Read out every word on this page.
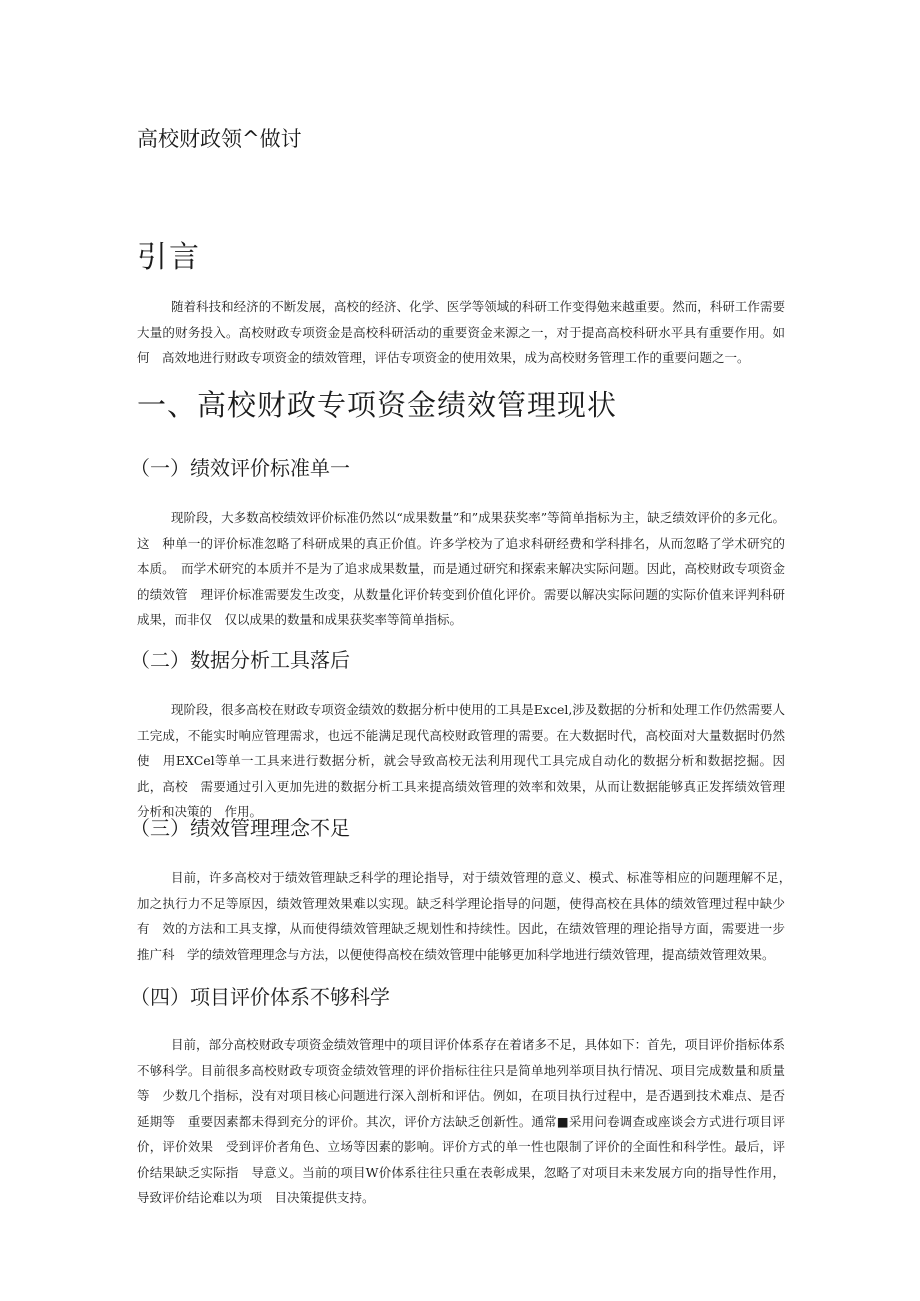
高校财政领^做讨
引言

随着科技和经济的不断发展，高校的经济、化学、医学等领域的科研工作变得勉来越重要。然而，科研工作需要　大量的财务投入。高校财政专项资金是高校科研活动的重要资金来源之一，对于提高高校科研水平具有重要作用。如何　高效地进行财政专项资金的绩效管理，评估专项资金的使用效果，成为高校财务管理工作的重要问题之一。

一、高校财政专项资金绩效管理现状
（一）绩效评价标准单一

现阶段，大多数高校绩效评价标准仍然以“成果数量”和”成果获奖率”等简单指标为主，缺乏绩效评价的多元化。这　种单一的评价标准忽略了科研成果的真正价值。许多学校为了追求科研经费和学科排名，从而忽略了学术研究的本质。　而学术研究的本质并不是为了追求成果数量，而是通过研究和探索来解决实际问题。因此，高校财政专项资金的绩效管　理评价标准需要发生改变，从数量化评价转变到价值化评价。需要以解决实际问题的实际价值来评判科研成果，而非仅　仅以成果的数量和成果获奖率等简单指标。

（二）数据分析工具落后

现阶段，很多高校在财政专项资金绩效的数据分析中使用的工具是Excel,涉及数据的分析和处理工作仍然需要人　工完成，不能实时响应管理需求，也远不能满足现代高校财政管理的需要。在大数据时代，高校面对大量数据时仍然使　用EXCel等单一工具来进行数据分析，就会导致高校无法利用现代工具完成自动化的数据分析和数据挖掘。因此，高校　需要通过引入更加先进的数据分析工具来提高绩效管理的效率和效果，从而让数据能够真正发挥绩效管理分析和决策的　作用。

（三）绩效管理理念不足

目前，许多高校对于绩效管理缺乏科学的理论指导，对于绩效管理的意义、模式、标准等相应的问题理解不足，　加之执行力不足等原因，绩效管理效果难以实现。缺乏科学理论指导的问题，使得高校在具体的绩效管理过程中缺少有　效的方法和工具支撑，从而使得绩效管理缺乏规划性和持续性。因此，在绩效管理的理论指导方面，需要进一步推广科　学的绩效管理理念与方法，以便使得高校在绩效管理中能够更加科学地进行绩效管理，提高绩效管理效果。

（四）项目评价体系不够科学

目前，部分高校财政专项资金绩效管理中的项目评价体系存在着诸多不足，具体如下：首先，项目评价指标体系　不够科学。目前很多高校财政专项资金绩效管理的评价指标往往只是简单地列举项目执行情况、项目完成数量和质量等　少数几个指标，没有对项目核心问题进行深入剖析和评估。例如，在项目执行过程中，是否遇到技术难点、是否延期等　重要因素都未得到充分的评价。其次，评价方法缺乏创新性。通常■采用问卷调查或座谈会方式进行项目评价，评价效果　受到评价者角色、立场等因素的影响。评价方式的单一性也限制了评价的全面性和科学性。最后，评价结果缺乏实际指　导意义。当前的项目W价体系往往只重在表彰成果，忽略了对项目未来发展方向的指导性作用，导致评价结论难以为项　目决策提供支持。
